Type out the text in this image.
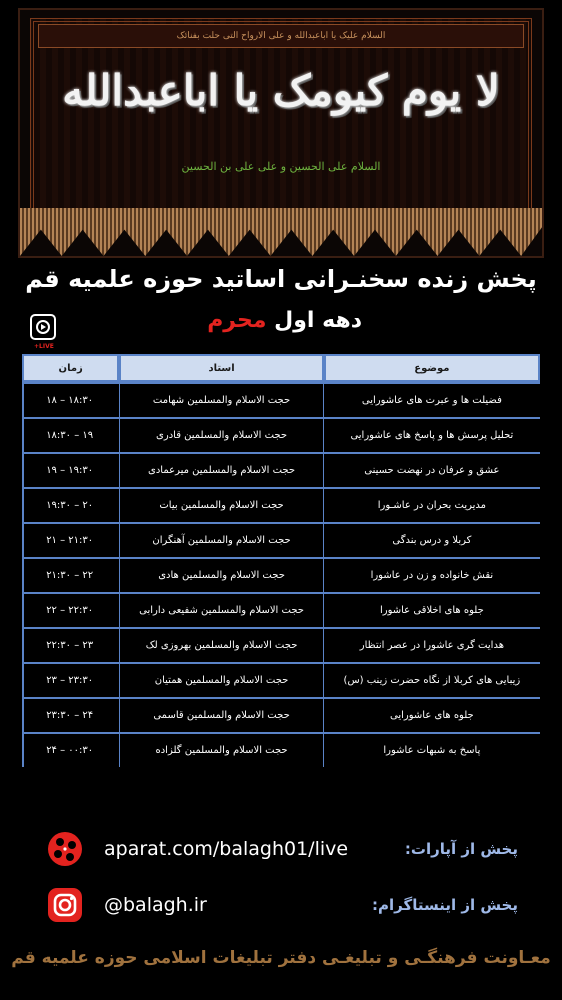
السلام علیک یا اباعبدالله و علی الارواح التی حلت بفنائک
لا یوم کیومک یا اباعبدالله
السلام علی الحسین و علی علی بن الحسین
پخش زنده سخنـرانی اساتید حوزه علمیه قم
دهه اول محرم
+LIVE
موضوع	استاد	زمان
فضیلت ها و عبرت های عاشورایی	حجت الاسلام والمسلمین شهامت	۱۸ – ۱۸:۳۰
تحلیل پرسش ها و پاسخ های عاشورایی	حجت الاسلام والمسلمین قادری	۱۸:۳۰ – ۱۹
عشق و عرفان در نهضت حسینی	حجت الاسلام والمسلمین میرعمادی	۱۹ – ۱۹:۳۰
مدیریت بحران در عاشـورا	حجت الاسلام والمسلمین بیات	۱۹:۳۰ – ۲۰
کربلا و درس بندگی	حجت الاسلام والمسلمین آهنگران	۲۱ – ۲۱:۳۰
نقش خانواده و زن در عاشورا	حجت الاسلام والمسلمین هادی	۲۱:۳۰ – ۲۲
جلوه های اخلاقی عاشورا	حجت الاسلام والمسلمین شفیعی دارابی	۲۲ – ۲۲:۳۰
هدایت گری عاشورا در عصر انتظار	حجت الاسلام والمسلمین بهروزی لک	۲۲:۳۰ – ۲۳
زیبایی های کربلا از نگاه حضرت زینب (س)	حجت الاسلام والمسلمین همتیان	۲۳ – ۲۳:۳۰
جلوه های عاشورایی	حجت الاسلام والمسلمین قاسمی	۲۳:۳۰ – ۲۴
پاسخ به شبهات عاشورا	حجت الاسلام والمسلمین گلزاده	۲۴ – ۰۰:۳۰
aparat.com/balagh01/live	پخش از آپارات:
@balagh.ir	پخش از اینستاگرام:
معـاونت فرهنگـی و تبلیغـی دفتر تبلیغات اسلامی حوزه علمیه قم
